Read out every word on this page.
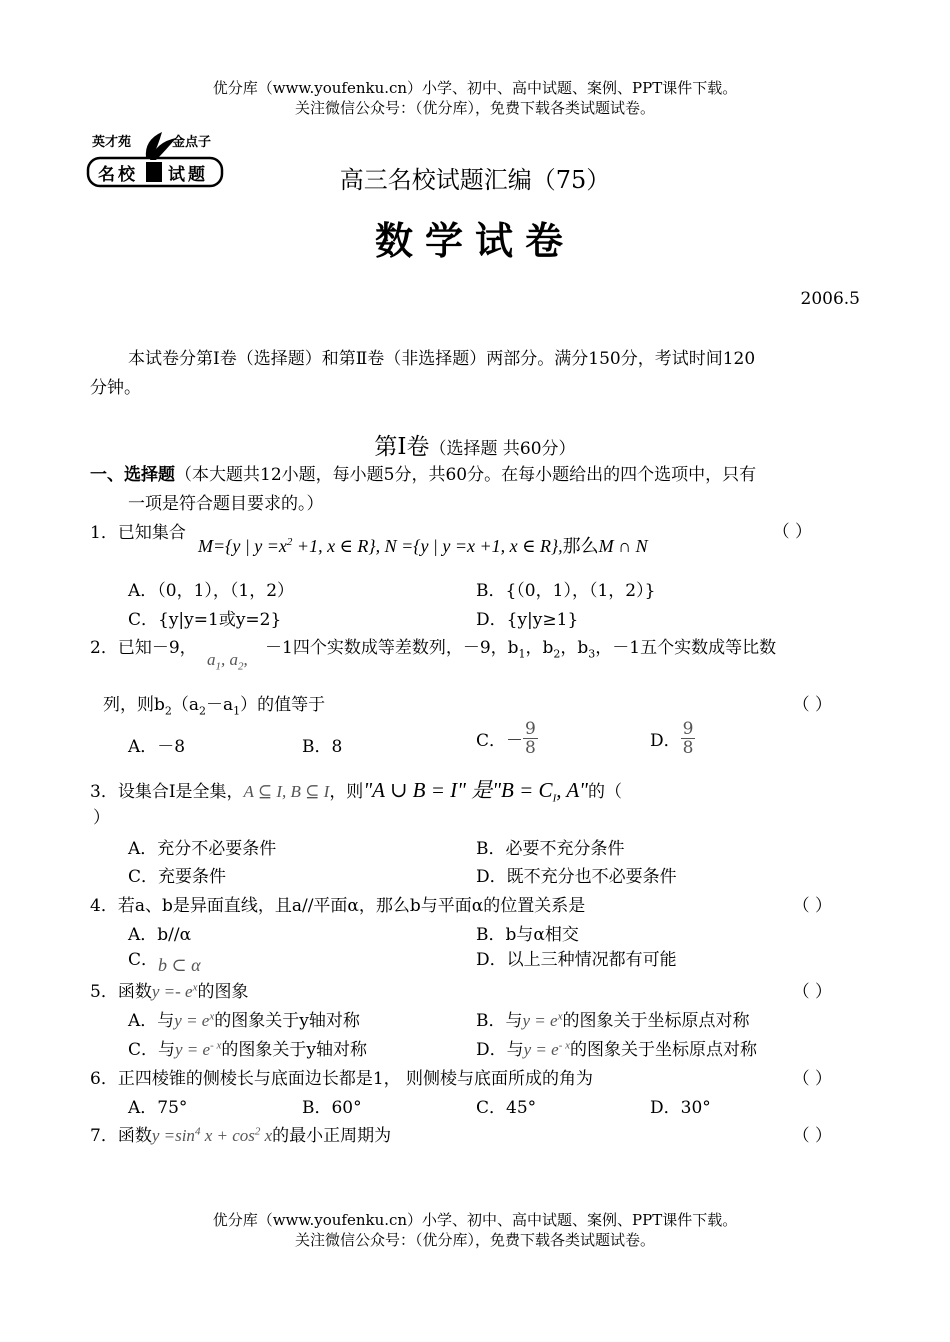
优分库（www.youfenku.cn）小学、初中、高中试题、案例、PPT课件下载。
关注微信公众号：（优分库），免费下载各类试题试卷。
英才苑	金点子
名校 试题	高三名校试题汇编（75）
数学试卷
2006.5
本试卷分第Ⅰ卷（选择题）和第Ⅱ卷（非选择题）两部分。满分150分，考试时间120
分钟。
第Ⅰ卷（选择题 共60分）
一、选择题（本大题共12小题，每小题5分，共60分。在每小题给出的四个选项中，只有
一项是符合题目要求的。）
1．已知集合	（ ）
M={y | $y =x^2 +1$, x ∈ R}, N ={y | y =x +1, x ∈ R},那么M ∩ N
A．（0，1），（1，2）	B．{（0，1），（1，2）}
C．{y|y=1或y=2}	D．{y|y≥1}
2．已知－9，
$a_1$, $a_2$,
－1四个实数成等差数列，－9，$b_1$，$b_2$，$b_3$，－1五个实数成等比数
列，则$b_2(a_2-a_1)$的值等于	（ ）
A．－8	B．8	C．－ $\frac{9}{8}$	D． $\frac{9}{8}$
3．设集合I是全集，A ⊆ I, B ⊆ I，则"A ∪ B = I" 是"$B = C_I$, A"的（
）
A．充分不必要条件	B．必要不充分条件
C．充要条件	D．既不充分也不必要条件
4．若a、b是异面直线，且a//平面α，那么b与平面α的位置关系是	（ ）
A．b//α	B．b与α相交
C．b ⊂ α	D．以上三种情况都有可能
5．函数$y =- e^x$的图象	（ ）
A．与$y = e^x$的图象关于y轴对称	B．与$y = e^x$的图象关于坐标原点对称
C．与$y = e^{- x}$的图象关于y轴对称	D．与$y = e^{- x}$的图象关于坐标原点对称
6．正四棱锥的侧棱长与底面边长都是1， 则侧棱与底面所成的角为	（ ）
A．75°	B．60°	C．45°	D．30°
7．函数$y =\sin^4$ $x + \cos^2 x$的最小正周期为	（ ）
优分库（www.youfenku.cn）小学、初中、高中试题、案例、PPT课件下载。
关注微信公众号：（优分库），免费下载各类试题试卷。
